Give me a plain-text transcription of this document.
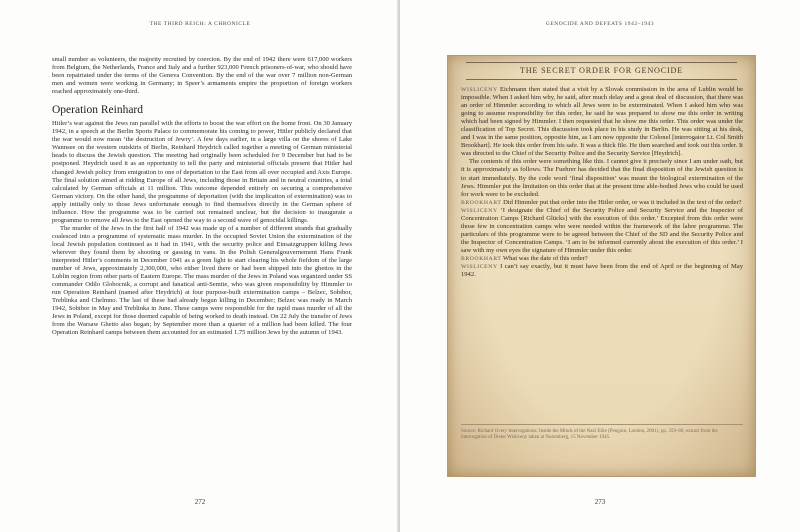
THE THIRD REICH: A CHRONICLE

small number as volunteers, the majority recruited by coercion. By the end of 1942 there were 617,000 workers from Belgium, the Netherlands, France and Italy and a further 923,000 French prisoners-of-war, who should have been repatriated under the terms of the Geneva Convention. By the end of the war over 7 million non-German men and women were working in Germany; in Speer’s armaments empire the proportion of foreign workers reached approximately one-third.

Operation Reinhard

Hitler’s war against the Jews ran parallel with the efforts to boost the war effort on the home front. On 30 January 1942, in a speech at the Berlin Sports Palace to commemorate his coming to power, Hitler publicly declared that the war would now mean ‘the destruction of Jewry’. A few days earlier, in a large villa on the shores of Lake Wannsee on the western outskirts of Berlin, Reinhard Heydrich called together a meeting of German ministerial heads to discuss the Jewish question. The meeting had originally been scheduled for 9 December but had to be postponed. Heydrich used it as an opportunity to tell the party and ministerial officials present that Hitler had changed Jewish policy from emigration to one of deportation to the East from all over occupied and Axis Europe. The final solution aimed at ridding Europe of all Jews, including those in Britain and in neutral countries, a total calculated by German officials at 11 million. This outcome depended entirely on securing a comprehensive German victory. On the other hand, the programme of deportation (with the implication of extermination) was to apply initially only to those Jews unfortunate enough to find themselves directly in the German sphere of influence. How the programme was to be carried out remained unclear, but the decision to inaugurate a programme to remove all Jews to the East opened the way to a second wave of genocidal killings.

The murder of the Jews in the first half of 1942 was made up of a number of different strands that gradually coalesced into a programme of systematic mass murder. In the occupied Soviet Union the extermination of the local Jewish population continued as it had in 1941, with the security police and Einsatzgruppen killing Jews wherever they found them by shooting or gassing in vans. In the Polish Generalgouvernement Hans Frank interpreted Hitler’s comments in December 1941 as a green light to start clearing his whole fiefdom of the large number of Jews, approximately 2,300,000, who either lived there or had been shipped into the ghettos in the Lublin region from other parts of Eastern Europe. The mass murder of the Jews in Poland was organized under SS commander Odilo Globocnik, a corrupt and fanatical anti-Semite, who was given responsibility by Himmler to run Operation Reinhard (named after Heydrich) at four purpose-built extermination camps – Belzec, Sobibor, Treblinka and Chelmno. The last of these had already begun killing in December; Belzec was ready in March 1942, Sobibor in May and Treblinka in June. These camps were responsible for the rapid mass murder of all the Jews in Poland, except for those deemed capable of being worked to death instead. On 22 July the transfer of Jews from the Warsaw Ghetto also began; by September more than a quarter of a million had been killed. The four Operation Reinhard camps between them accounted for an estimated 1.75 million Jews by the autumn of 1943.

272
GENOCIDE AND DEFEATS 1942–1943
THE SECRET ORDER FOR GENOCIDE

WISLICENY Eichmann then stated that a visit by a Slovak commission in the area of Lublin would be impossible. When I asked him why, he said, after much delay and a great deal of discussion, that there was an order of Himmler according to which all Jews were to be exterminated. When I asked him who was going to assume responsibility for this order, he said he was prepared to show me this order in writing which had been signed by Himmler. I then requested that he show me this order. This order was under the classification of Top Secret. This discussion took place in his study in Berlin. He was sitting at his desk, and I was in the same position, opposite him, as I am now opposite the Colonel [interrogator Lt. Col Smith Brookhart]. He took this order from his safe. It was a thick file. He then searched and took out this order. It was directed to the Chief of the Security Police and the Security Service [Heydrich].

The contents of this order were something like this. I cannot give it precisely since I am under oath, but it is approximately as follows. The Fuehrer has decided that the final disposition of the Jewish question is to start immediately. By the code word ‘final disposition’ was meant the biological extermination of the Jews. Himmler put the limitation on this order that at the present time able-bodied Jews who could be used for work were to be excluded.

BROOKHART Did Himmler put that order into the Hitler order, or was it included in the text of the order?

WISLICENY ‘I designate the Chief of the Security Police and Security Service and the Inspector of Concentration Camps [Richard Glücks] with the execution of this order.’ Excepted from this order were those few in concentration camps who were needed within the framework of the labor programme. The particulars of this programme were to be agreed between the Chief of the SD and the Security Police and the Inspector of Concentration Camps. ‘I am to be informed currently about the execution of this order.’ I saw with my own eyes the signature of Himmler under this order.

BROOKHART What was the date of this order?

WISLICENY I can’t say exactly, but it must have been from the end of April or the beginning of May 1942.

Source: Richard Overy Interrogations: Inside the Minds of the Nazi Elite (Penguin, London, 2001), pp. 359–60, extract from the interrogation of Dieter Wisliceny taken at Nuremberg, 15 November 1945.
273
